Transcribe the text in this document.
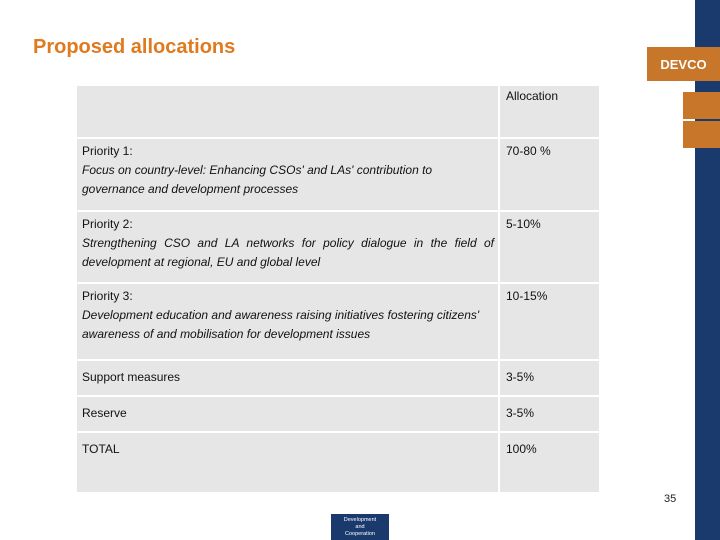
Proposed allocations
DEVCO
	Allocation
Priority 1:
Focus on country-level: Enhancing CSOs' and LAs' contribution to governance and development processes	70-80 %
Priority 2:
Strengthening CSO and LA networks for policy dialogue in the field of development at regional, EU and global level	5-10%
Priority 3:
Development education and awareness raising initiatives fostering citizens' awareness of and mobilisation for development issues	10-15%
Support measures	3-5%
Reserve	3-5%
TOTAL	100%
35
Development
and
Cooperation
